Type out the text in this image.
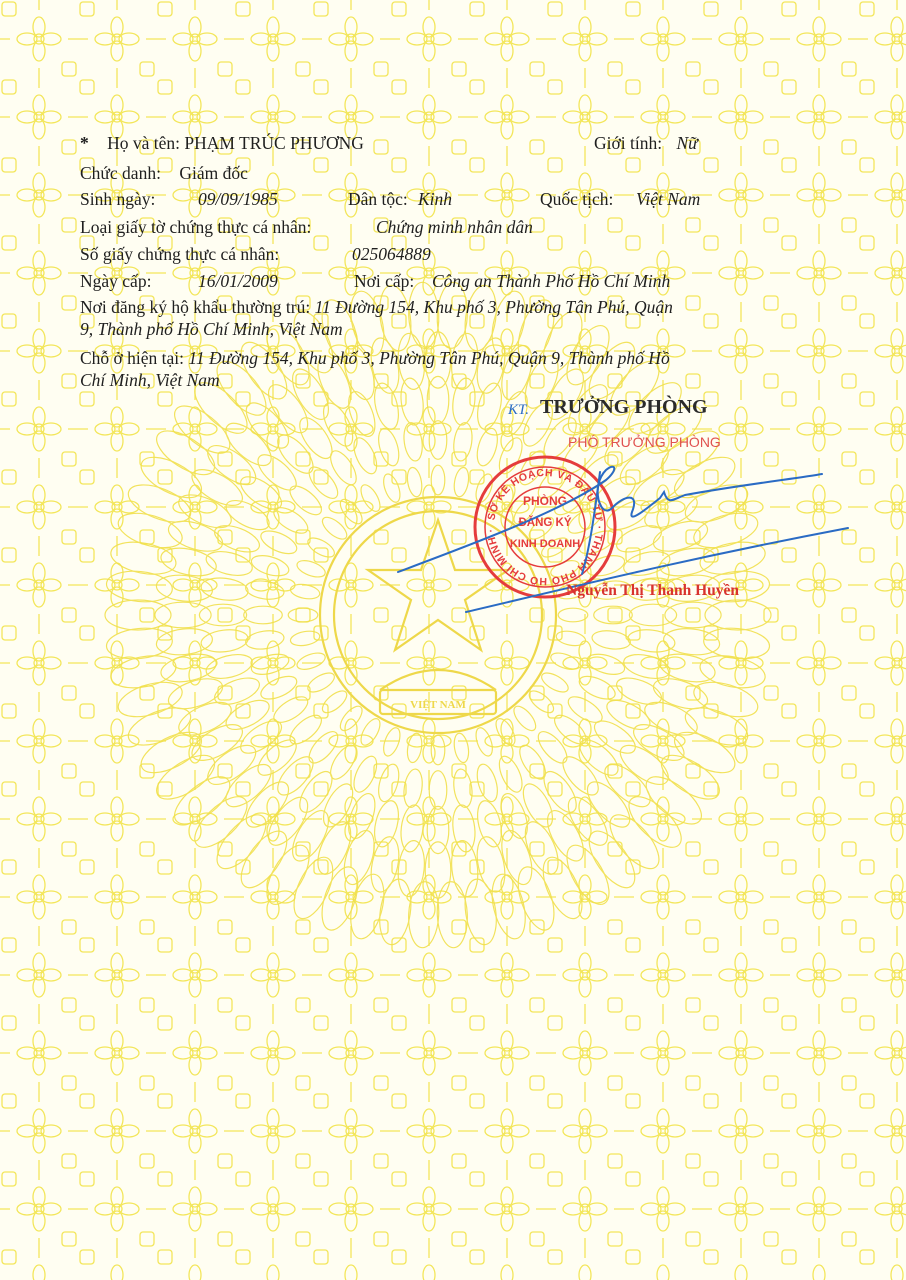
VIỆT NAM
* Họ và tên: PHẠM TRÚC PHƯƠNG	Giới tính: Nữ
Chức danh: Giám đốc
Sinh ngày: 09/09/1985	Dân tộc: Kinh	Quốc tịch: Việt Nam
Loại giấy tờ chứng thực cá nhân:	Chứng minh nhân dân
Số giấy chứng thực cá nhân:	025064889
Ngày cấp:	16/01/2009	Nơi cấp: Công an Thành Phố Hồ Chí Minh
Nơi đăng ký hộ khẩu thường trú: 11 Đường 154, Khu phố 3, Phường Tân Phú, Quận
9, Thành phố Hồ Chí Minh, Việt Nam
Chỗ ở hiện tại: 11 Đường 154, Khu phố 3, Phường Tân Phú, Quận 9, Thành phố Hồ
Chí Minh, Việt Nam
KT.
SỞ KẾ HOẠCH VÀ ĐẦU TƯ · THÀNH PHỐ HỒ CHÍ MINH ·
PHÒNG
ĐĂNG KÝ
KINH DOANH
TRƯỞNG PHÒNG
PHÓ TRƯỞNG PHÒNG
Nguyễn Thị Thanh Huyền
